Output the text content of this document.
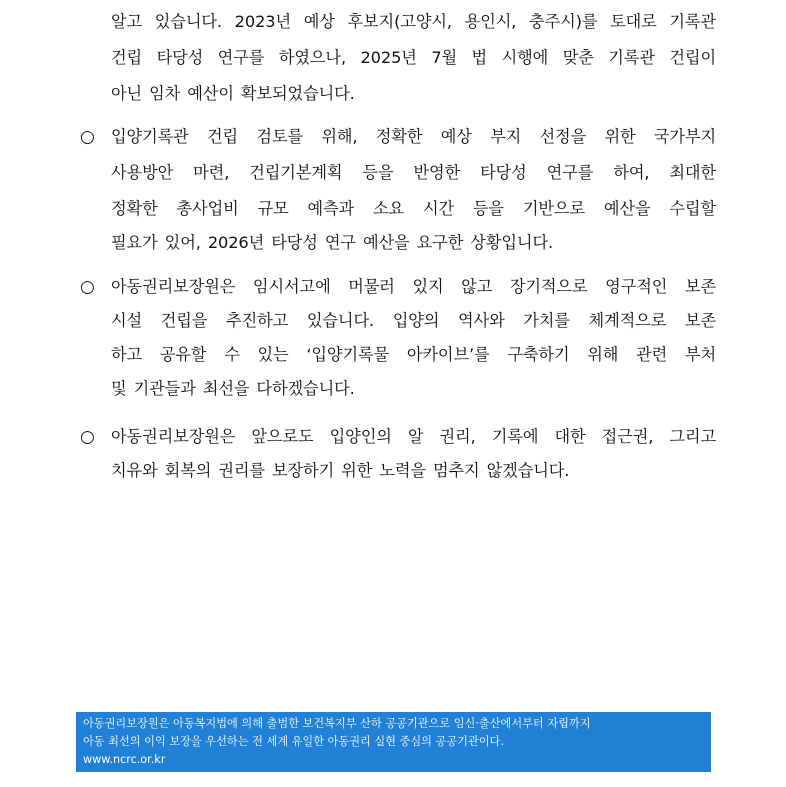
알고 있습니다. 2023년 예상 후보지(고양시, 용인시, 충주시)를 토대로 기록관
건립 타당성 연구를 하였으나, 2025년 7월 법 시행에 맞춘 기록관 건립이
아닌 임차 예산이 확보되었습니다.
○ 입양기록관 건립 검토를 위해, 정확한 예상 부지 선정을 위한 국가부지
사용방안 마련, 건립기본계획 등을 반영한 타당성 연구를 하여, 최대한
정확한 총사업비 규모 예측과 소요 시간 등을 기반으로 예산을 수립할
필요가 있어, 2026년 타당성 연구 예산을 요구한 상황입니다.
○ 아동권리보장원은 임시서고에 머물러 있지 않고 장기적으로 영구적인 보존
시설 건립을 추진하고 있습니다. 입양의 역사와 가치를 체계적으로 보존
하고 공유할 수 있는 ‘입양기록물 아카이브’를 구축하기 위해 관련 부처
및 기관들과 최선을 다하겠습니다.
○ 아동권리보장원은 앞으로도 입양인의 알 권리, 기록에 대한 접근권, 그리고
치유와 회복의 권리를 보장하기 위한 노력을 멈추지 않겠습니다.
아동권리보장원은 아동복지법에 의해 출범한 보건복지부 산하 공공기관으로 임신·출산에서부터 자립까지
아동 최선의 이익 보장을 우선하는 전 세계 유일한 아동권리 실현 중심의 공공기관이다.
www.ncrc.or.kr
